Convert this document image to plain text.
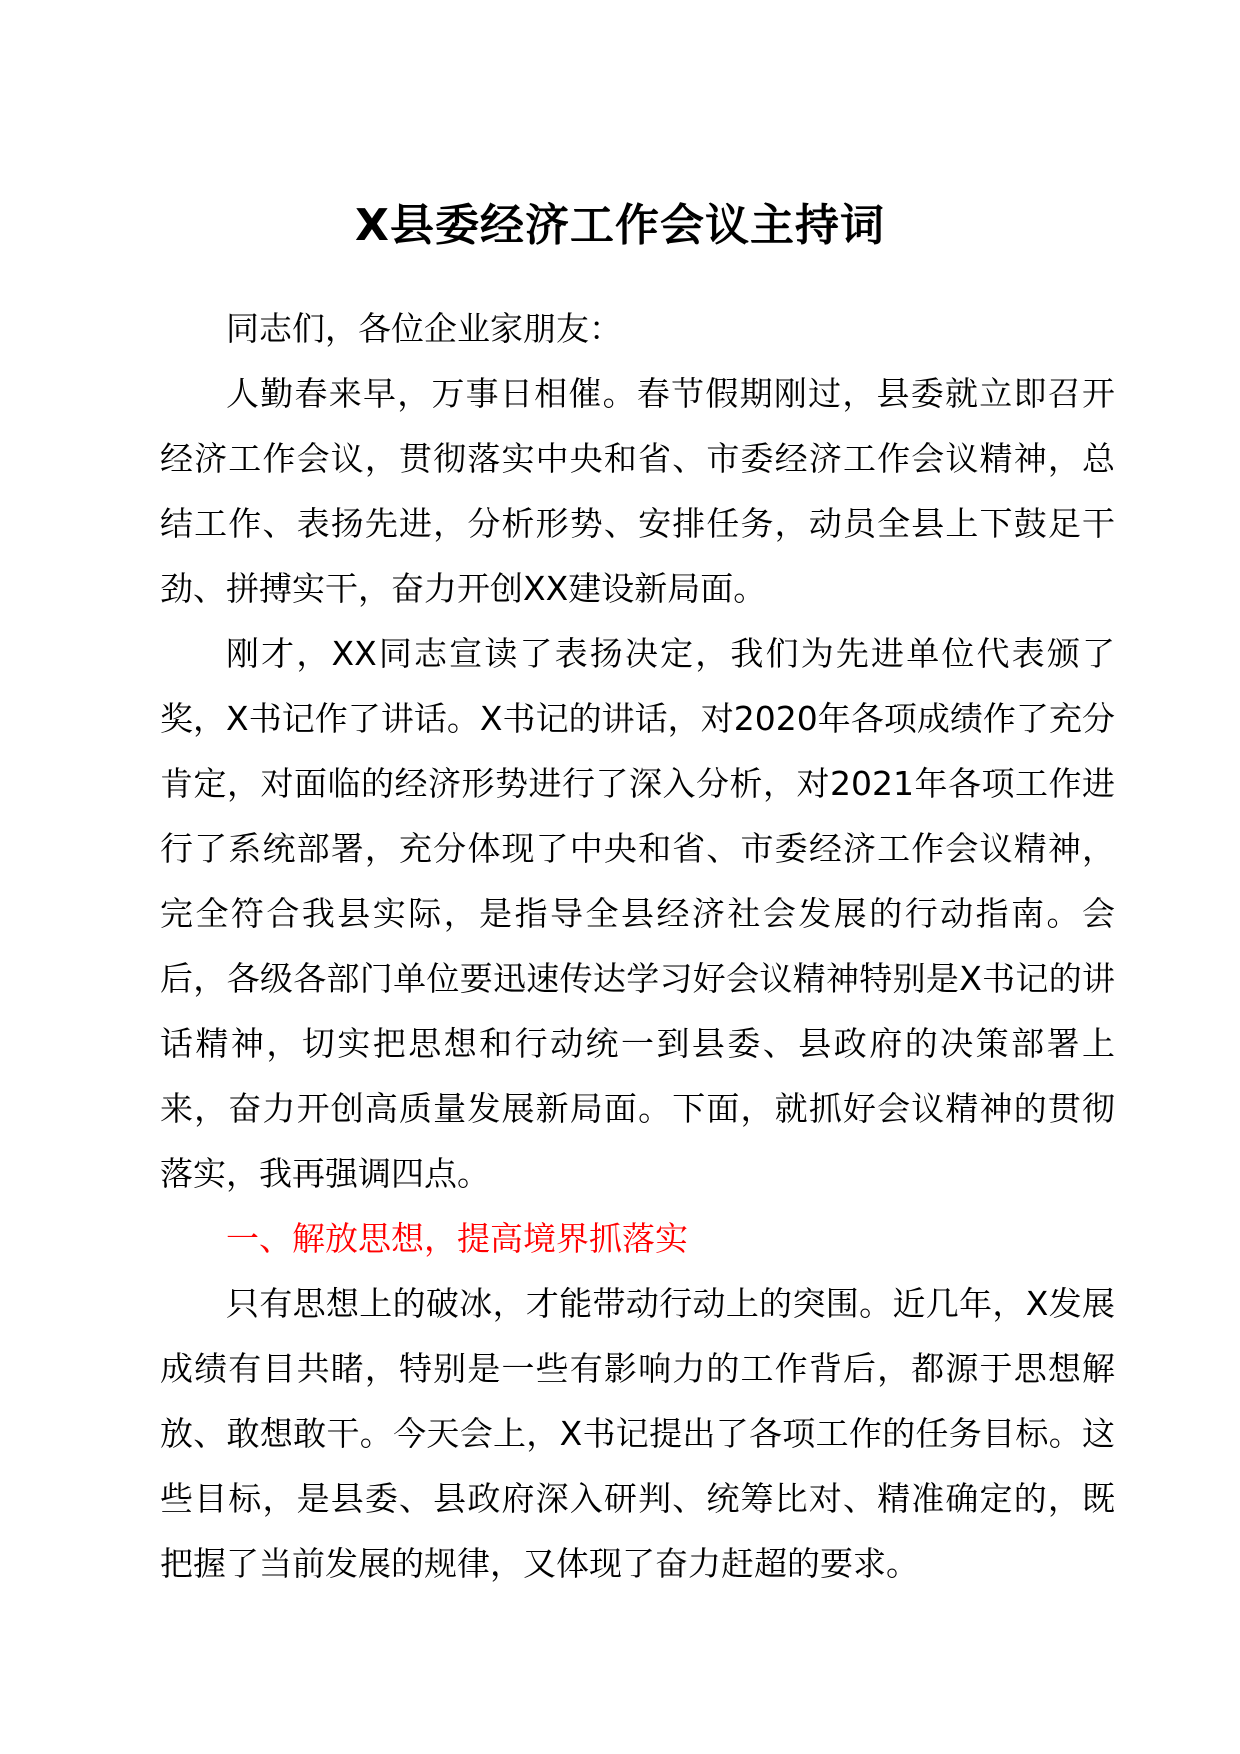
X县委经济工作会议主持词

同志们，各位企业家朋友：

人勤春来早，万事日相催。春节假期刚过，县委就立即召开经济工作会议，贯彻落实中央和省、市委经济工作会议精神，总结工作、表扬先进，分析形势、安排任务，动员全县上下鼓足干劲、拼搏实干，奋力开创XX建设新局面。

刚才，XX同志宣读了表扬决定，我们为先进单位代表颁了奖，X书记作了讲话。X书记的讲话，对2020年各项成绩作了充分肯定，对面临的经济形势进行了深入分析，对2021年各项工作进行了系统部署，充分体现了中央和省、市委经济工作会议精神，完全符合我县实际，是指导全县经济社会发展的行动指南。会后，各级各部门单位要迅速传达学习好会议精神特别是X书记的讲话精神，切实把思想和行动统一到县委、县政府的决策部署上来，奋力开创高质量发展新局面。下面，就抓好会议精神的贯彻落实，我再强调四点。

一、解放思想，提高境界抓落实

只有思想上的破冰，才能带动行动上的突围。近几年，X发展成绩有目共睹，特别是一些有影响力的工作背后，都源于思想解放、敢想敢干。今天会上，X书记提出了各项工作的任务目标。这些目标，是县委、县政府深入研判、统筹比对、精准确定的，既把握了当前发展的规律，又体现了奋力赶超的要求。
